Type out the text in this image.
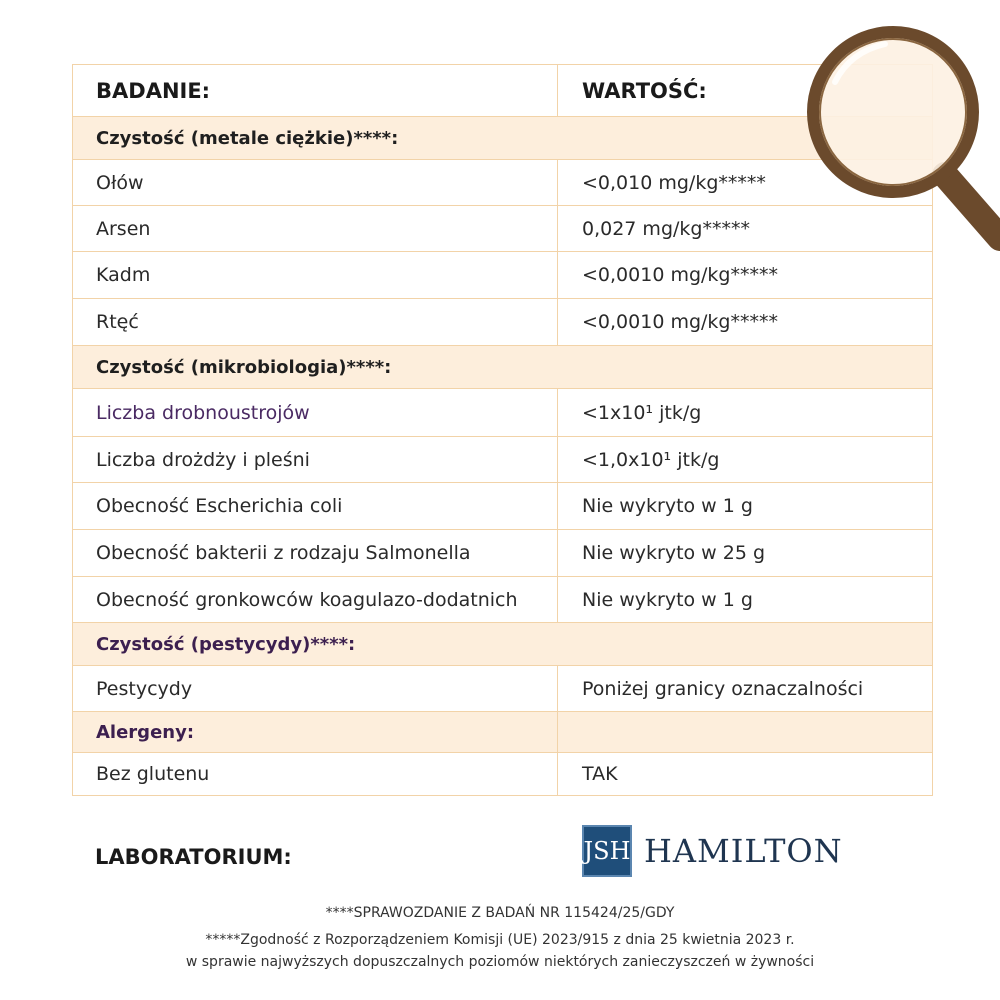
BADANIE:	WARTOŚĆ:
Czystość (metale ciężkie)****:
Ołów	<0,010 mg/kg*****
Arsen	0,027 mg/kg*****
Kadm	<0,0010 mg/kg*****
Rtęć	<0,0010 mg/kg*****
Czystość (mikrobiologia)****:
Liczba drobnoustrojów	<1x10¹ jtk/g
Liczba drożdży i pleśni	<1,0x10¹ jtk/g
Obecność Escherichia coli	Nie wykryto w 1 g
Obecność bakterii z rodzaju Salmonella	Nie wykryto w 25 g
Obecność gronkowców koagulazo-dodatnich	Nie wykryto w 1 g
Czystość (pestycydy)****:
Pestycydy	Poniżej granicy oznaczalności
Alergeny:
Bez glutenu	TAK
LABORATORIUM:	JSH HAMILTON
****SPRAWOZDANIE Z BADAŃ NR 115424/25/GDY
*****Zgodność z Rozporządzeniem Komisji (UE) 2023/915 z dnia 25 kwietnia 2023 r.
w sprawie najwyższych dopuszczalnych poziomów niektórych zanieczyszczeń w żywności
